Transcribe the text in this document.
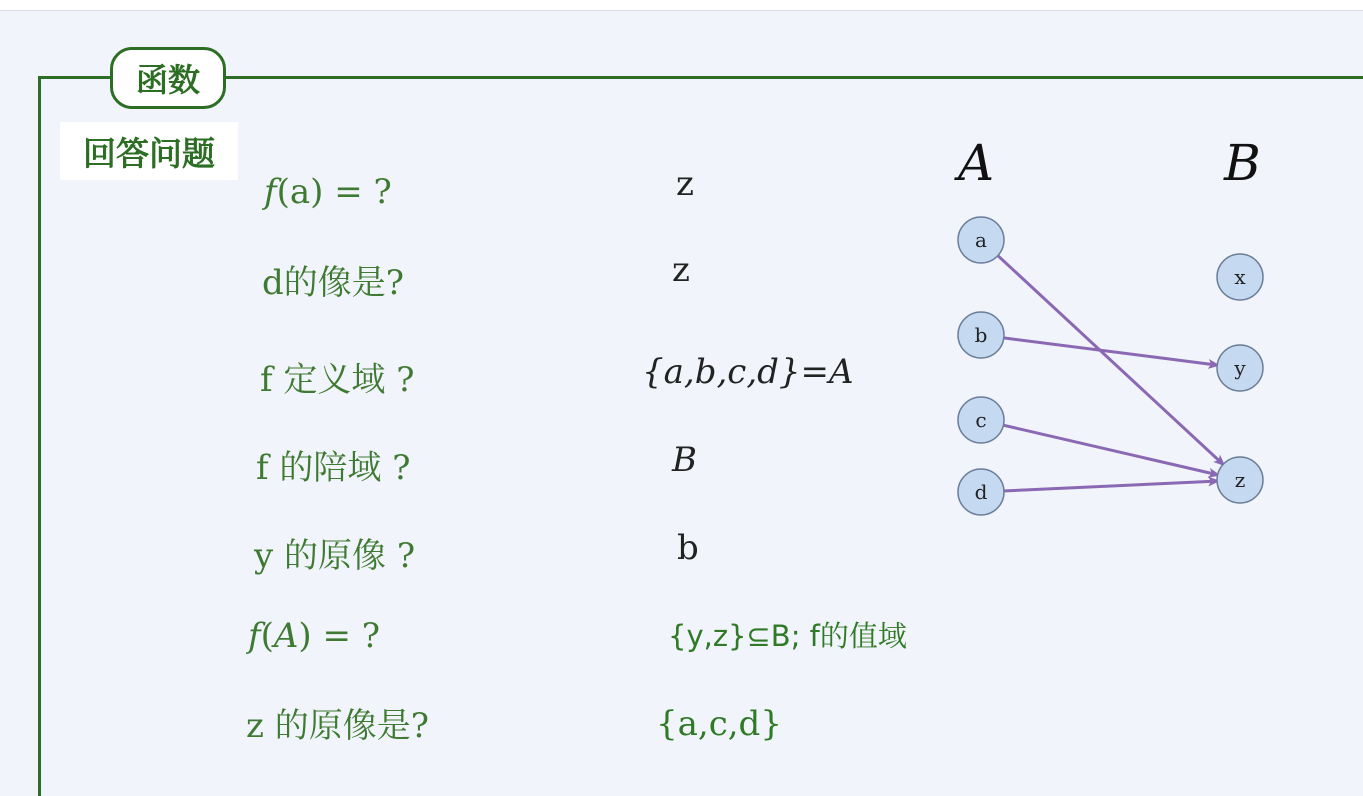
函数
回答问题
f(a) = ?
d的像是?
f 定义域 ?
f 的陪域 ?
y 的原像 ?
f(A) = ?
z 的原像是?
z
z
{a,b,c,d}=A
B
b
{y,z}⊆B; f的值域
{a,c,d}
A	B
a
b
c
d
x
y
z
